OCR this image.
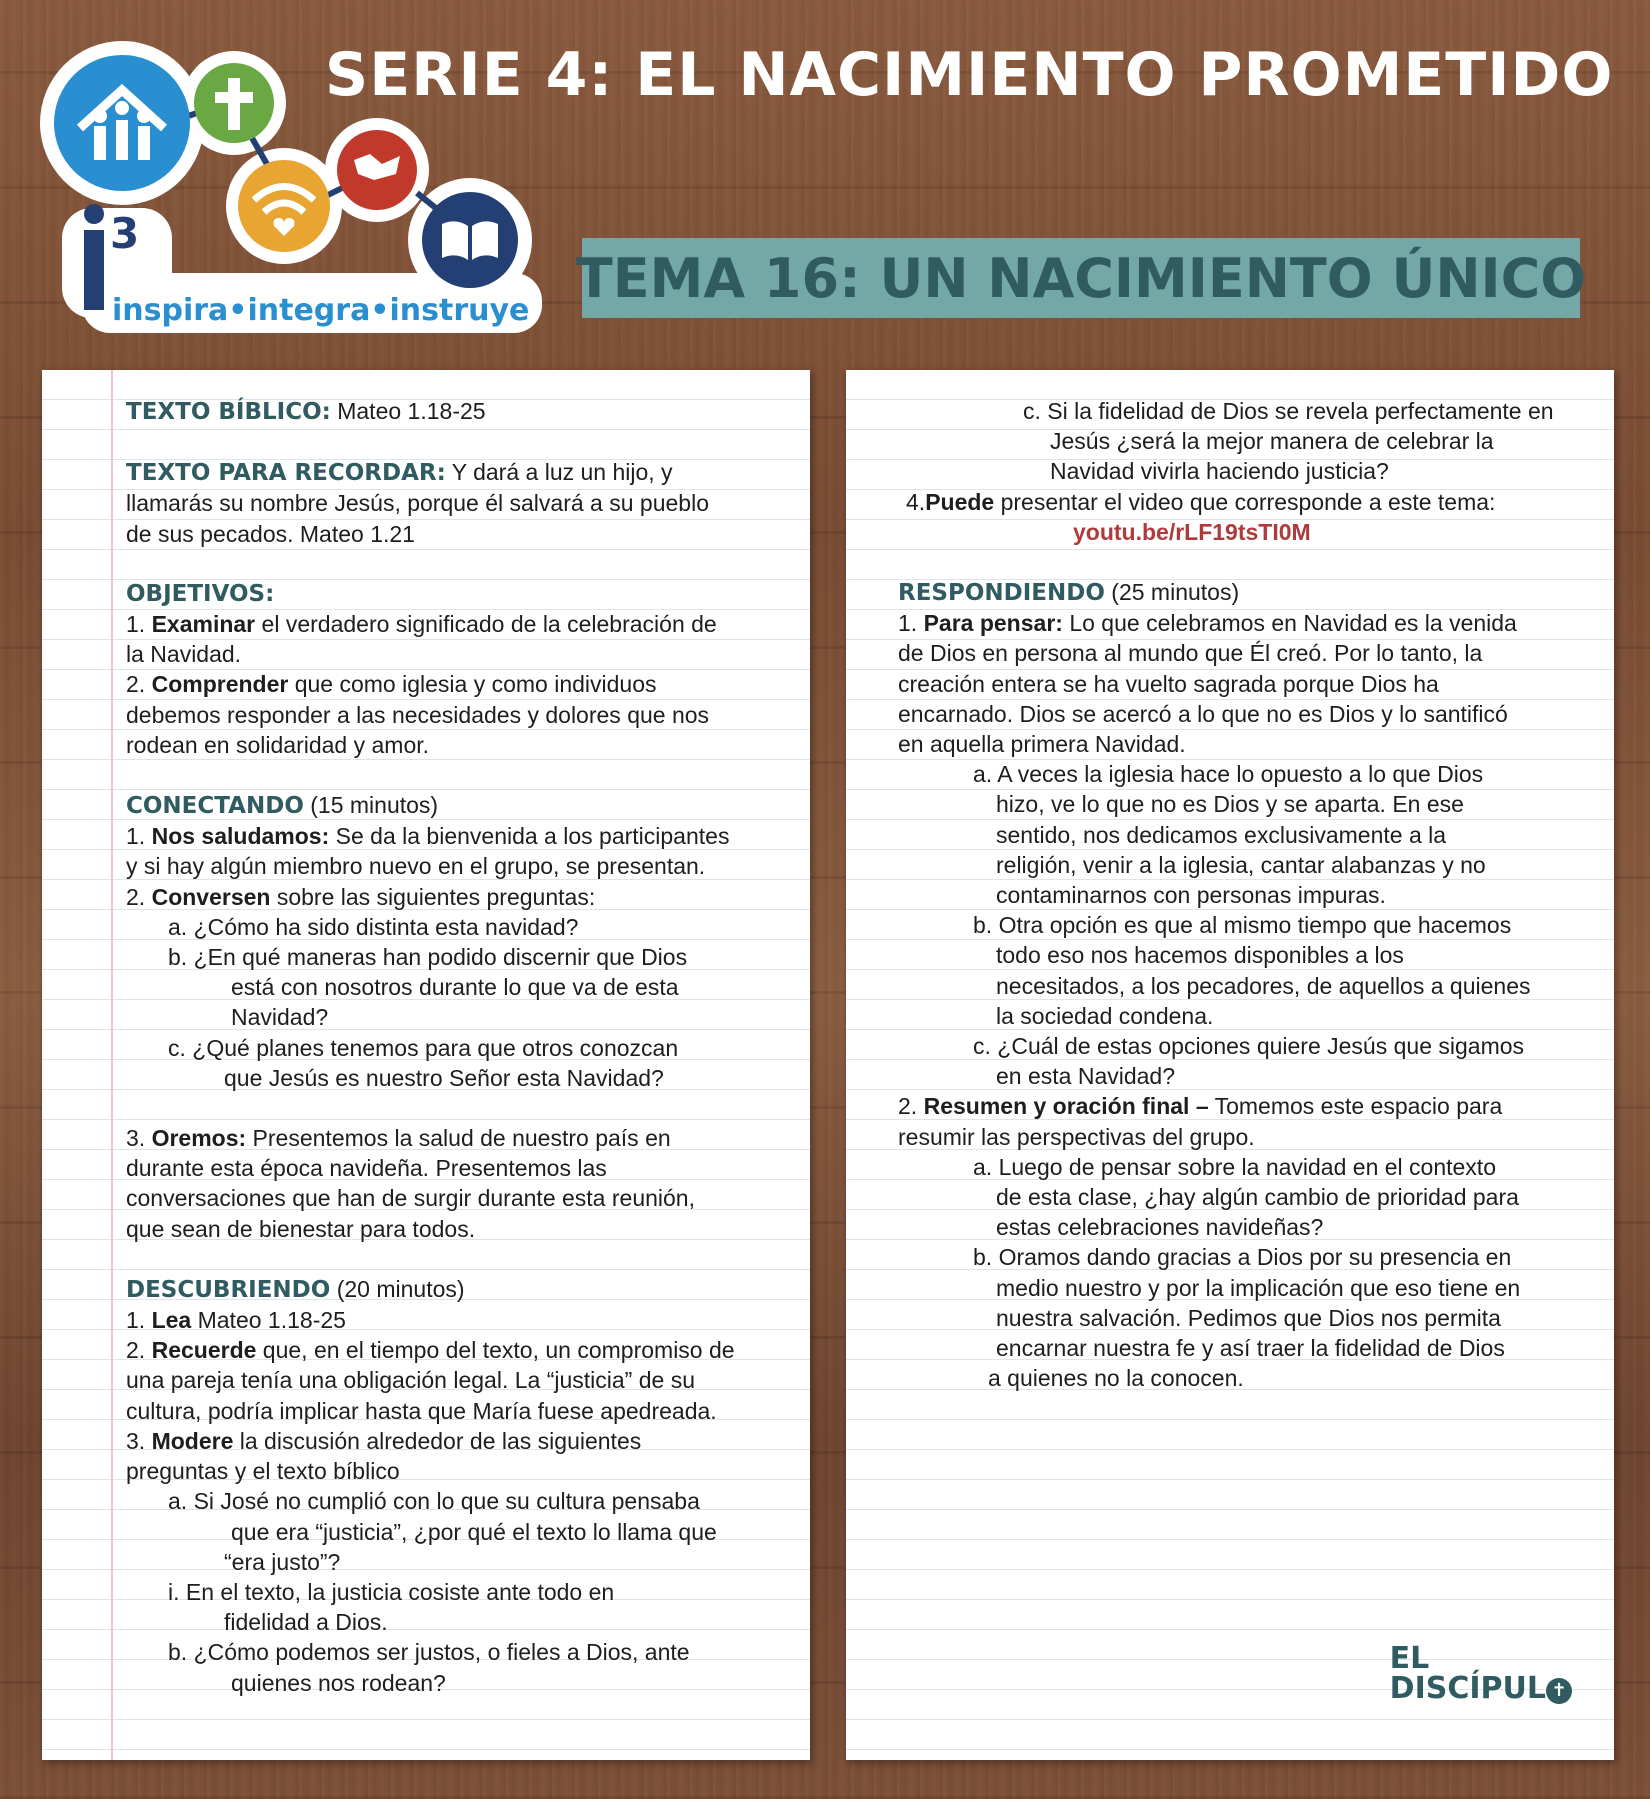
3
inspira•integra•instruye
SERIE 4: EL NACIMIENTO PROMETIDO
TEMA 16: UN NACIMIENTO ÚNICO

TEXTO BÍBLICO: Mateo 1.18-25

TEXTO PARA RECORDAR: Y dará a luz un hijo, y

llamarás su nombre Jesús, porque él salvará a su pueblo

de sus pecados. Mateo 1.21

OBJETIVOS:

1. Examinar el verdadero significado de la celebración de

la Navidad.

2. Comprender que como iglesia y como individuos

debemos responder a las necesidades y dolores que nos

rodean en solidaridad y amor.

CONECTANDO (15 minutos)

1. Nos saludamos: Se da la bienvenida a los participantes

y si hay algún miembro nuevo en el grupo, se presentan.

2. Conversen sobre las siguientes preguntas:

a. ¿Cómo ha sido distinta esta navidad?

b. ¿En qué maneras han podido discernir que Dios

está con nosotros durante lo que va de esta

Navidad?

c. ¿Qué planes tenemos para que otros conozcan

que Jesús es nuestro Señor esta Navidad?

3. Oremos: Presentemos la salud de nuestro país en

durante esta época navideña. Presentemos las

conversaciones que han de surgir durante esta reunión,

que sean de bienestar para todos.

DESCUBRIENDO (20 minutos)

1. Lea Mateo 1.18-25

2. Recuerde que, en el tiempo del texto, un compromiso de

una pareja tenía una obligación legal. La “justicia” de su

cultura, podría implicar hasta que María fuese apedreada.

3. Modere la discusión alrededor de las siguientes

preguntas y el texto bíblico

a. Si José no cumplió con lo que su cultura pensaba

que era “justicia”, ¿por qué el texto lo llama que

“era justo”?

i. En el texto, la justicia cosiste ante todo en

fidelidad a Dios.

b. ¿Cómo podemos ser justos, o fieles a Dios, ante

quienes nos rodean?

c. Si la fidelidad de Dios se revela perfectamente en

Jesús ¿será la mejor manera de celebrar la

Navidad vivirla haciendo justicia?

4.Puede presentar el video que corresponde a este tema:

youtu.be/rLF19tsTI0M

RESPONDIENDO (25 minutos)

1. Para pensar: Lo que celebramos en Navidad es la venida

de Dios en persona al mundo que Él creó. Por lo tanto, la

creación entera se ha vuelto sagrada porque Dios ha

encarnado. Dios se acercó a lo que no es Dios y lo santificó

en aquella primera Navidad.

a. A veces la iglesia hace lo opuesto a lo que Dios

hizo, ve lo que no es Dios y se aparta. En ese

sentido, nos dedicamos exclusivamente a la

religión, venir a la iglesia, cantar alabanzas y no

contaminarnos con personas impuras.

b. Otra opción es que al mismo tiempo que hacemos

todo eso nos hacemos disponibles a los

necesitados, a los pecadores, de aquellos a quienes

la sociedad condena.

c. ¿Cuál de estas opciones quiere Jesús que sigamos

en esta Navidad?

2. Resumen y oración final – Tomemos este espacio para

resumir las perspectivas del grupo.

a. Luego de pensar sobre la navidad en el contexto

de esta clase, ¿hay algún cambio de prioridad para

estas celebraciones navideñas?

b. Oramos dando gracias a Dios por su presencia en

medio nuestro y por la implicación que eso tiene en

nuestra salvación. Pedimos que Dios nos permita

encarnar nuestra fe y así traer la fidelidad de Dios

a quienes no la conocen.

EL
DISCÍPUL ✝
